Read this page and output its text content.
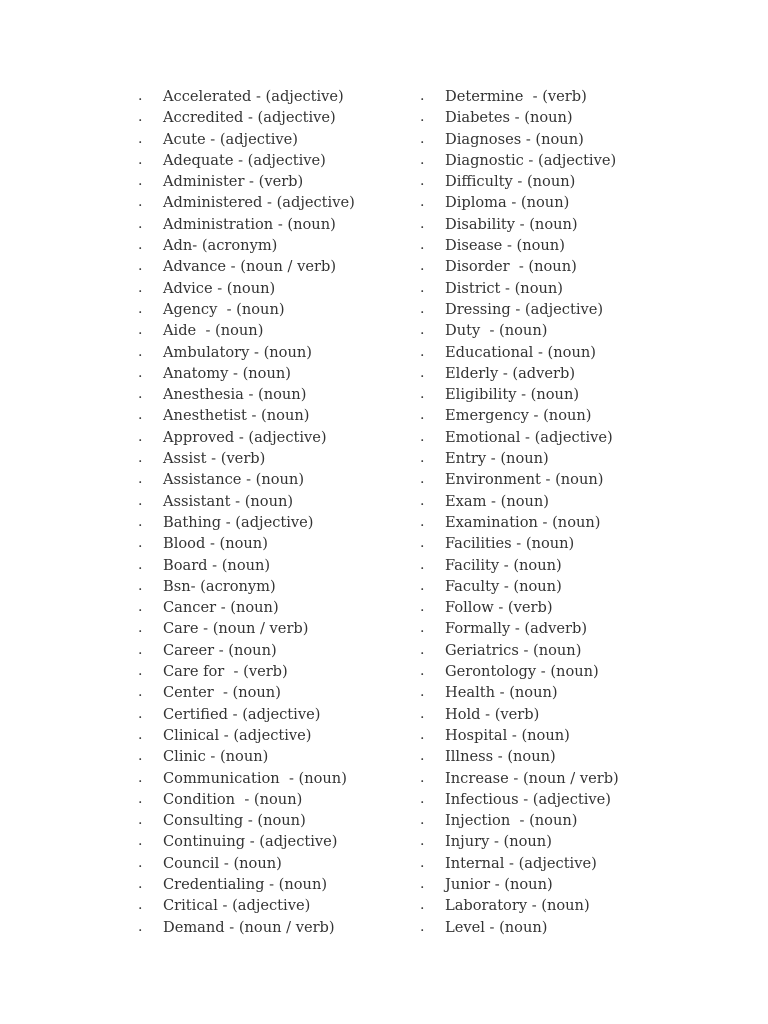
.	Accelerated - (adjective)
.	Accredited - (adjective)
.	Acute - (adjective)
.	Adequate - (adjective)
.	Administer - (verb)
.	Administered - (adjective)
.	Administration - (noun)
.	Adn- (acronym)
.	Advance - (noun / verb)
.	Advice - (noun)
.	Agency  - (noun)
.	Aide  - (noun)
.	Ambulatory - (noun)
.	Anatomy - (noun)
.	Anesthesia - (noun)
.	Anesthetist - (noun)
.	Approved - (adjective)
.	Assist - (verb)
.	Assistance - (noun)
.	Assistant - (noun)
.	Bathing - (adjective)
.	Blood - (noun)
.	Board - (noun)
.	Bsn- (acronym)
.	Cancer - (noun)
.	Care - (noun / verb)
.	Career - (noun)
.	Care for  - (verb)
.	Center  - (noun)
.	Certified - (adjective)
.	Clinical - (adjective)
.	Clinic - (noun)
.	Communication  - (noun)
.	Condition  - (noun)
.	Consulting - (noun)
.	Continuing - (adjective)
.	Council - (noun)
.	Credentialing - (noun)
.	Critical - (adjective)
.	Demand - (noun / verb)
.	Determine  - (verb)
.	Diabetes - (noun)
.	Diagnoses - (noun)
.	Diagnostic - (adjective)
.	Difficulty - (noun)
.	Diploma - (noun)
.	Disability - (noun)
.	Disease - (noun)
.	Disorder  - (noun)
.	District - (noun)
.	Dressing - (adjective)
.	Duty  - (noun)
.	Educational - (noun)
.	Elderly - (adverb)
.	Eligibility - (noun)
.	Emergency - (noun)
.	Emotional - (adjective)
.	Entry - (noun)
.	Environment - (noun)
.	Exam - (noun)
.	Examination - (noun)
.	Facilities - (noun)
.	Facility - (noun)
.	Faculty - (noun)
.	Follow - (verb)
.	Formally - (adverb)
.	Geriatrics - (noun)
.	Gerontology - (noun)
.	Health - (noun)
.	Hold - (verb)
.	Hospital - (noun)
.	Illness - (noun)
.	Increase - (noun / verb)
.	Infectious - (adjective)
.	Injection  - (noun)
.	Injury - (noun)
.	Internal - (adjective)
.	Junior - (noun)
.	Laboratory - (noun)
.	Level - (noun)
